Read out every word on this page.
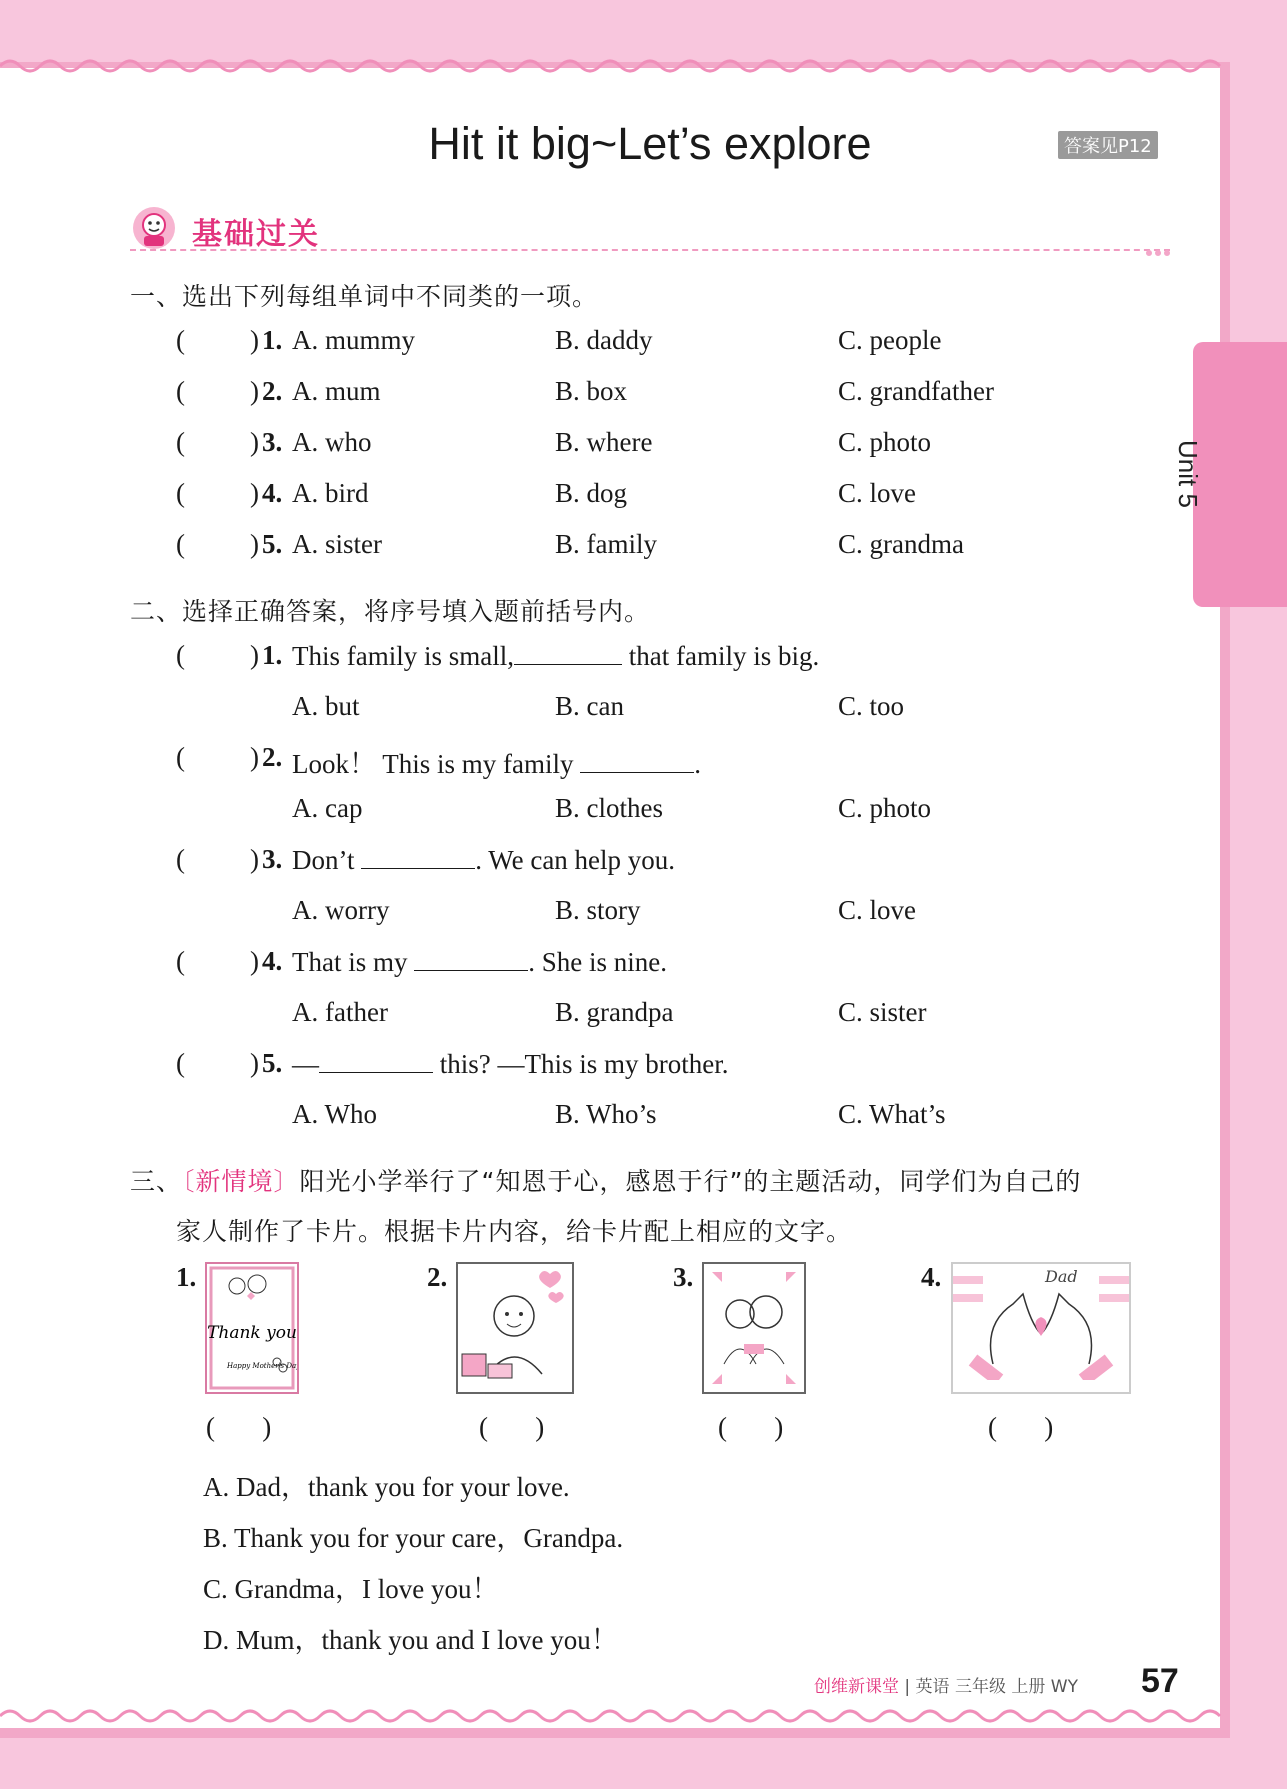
Unit 5
Hit it big~Let’s explore	答案见P12
基础过关
一、选出下列每组单词中不同类的一项。
( ) 1. A. mummy	B. daddy	C. people
( ) 2. A. mum	B. box	C. grandfather
( ) 3. A. who	B. where	C. photo
( ) 4. A. bird	B. dog	C. love
( ) 5. A. sister	B. family	C. grandma
二、选择正确答案，将序号填入题前括号内。
( ) 1. This family is small,	that family is big.
A. but	B. can	C. too
( ) 2. Look！ This is my family	.
A. cap	B. clothes	C. photo
( ) 3. Don’t	. We can help you.
A. worry	B. story	C. love
( ) 4. That is my	. She is nine.
A. father	B. grandpa	C. sister
( ) 5. —	this? —This is my brother.
A. Who	B. Who’s	C. What’s
三、〔新情境〕阳光小学举行了“知恩于心，感恩于行”的主题活动，同学们为自己的
家人制作了卡片。根据卡片内容，给卡片配上相应的文字。
1.
Thank you
Happy Mother's Day
2.	3.	4.	Dad
(       )	(       )	(       )	(       )
A. Dad，thank you for your love.
B. Thank you for your care，Grandpa.
C. Grandma，I love you！
D. Mum，thank you and I love you！
创维新课堂 | 英语 三年级 上册 WY 57
